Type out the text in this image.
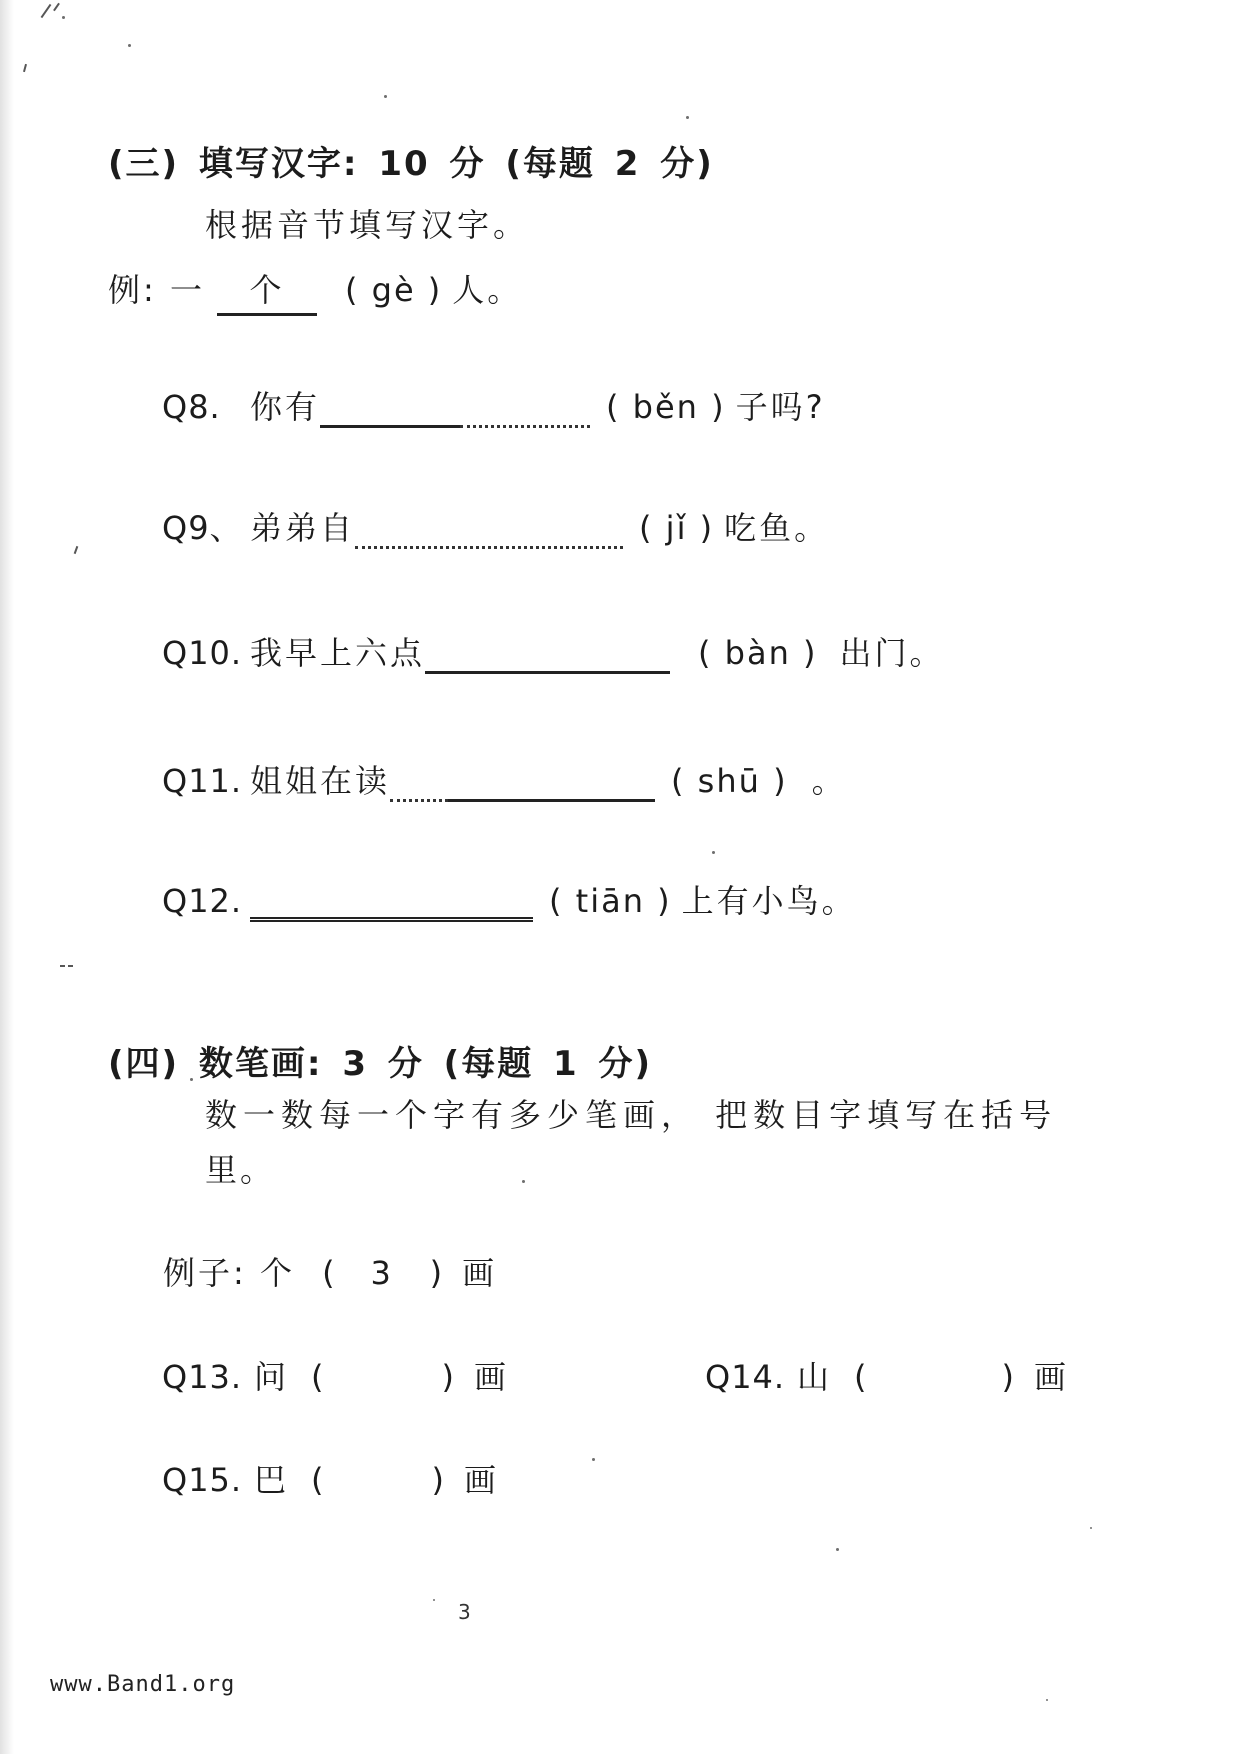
(三) 填写汉字: 10 分 (每题 2 分)
根据音节填写汉字。
例: 一 个 ( gè ) 人。
Q8. 你有	( běn ) 子吗?
Q9、 弟弟自	( jǐ ) 吃鱼。
Q10. 我早上六点	( bàn ) 出门。
Q11. 姐姐在读	( shū ) 。
Q12.	( tiān ) 上有小鸟。
(四) 数笔画: 3 分 (每题 1 分)
数一数每一个字有多少笔画， 把数目字填写在括号
里。
例子: 个 ( 3 ) 画
Q13. 问 (	) 画	Q14. 山 (	) 画
Q15. 巴 (	) 画
3
www.Band1.org
